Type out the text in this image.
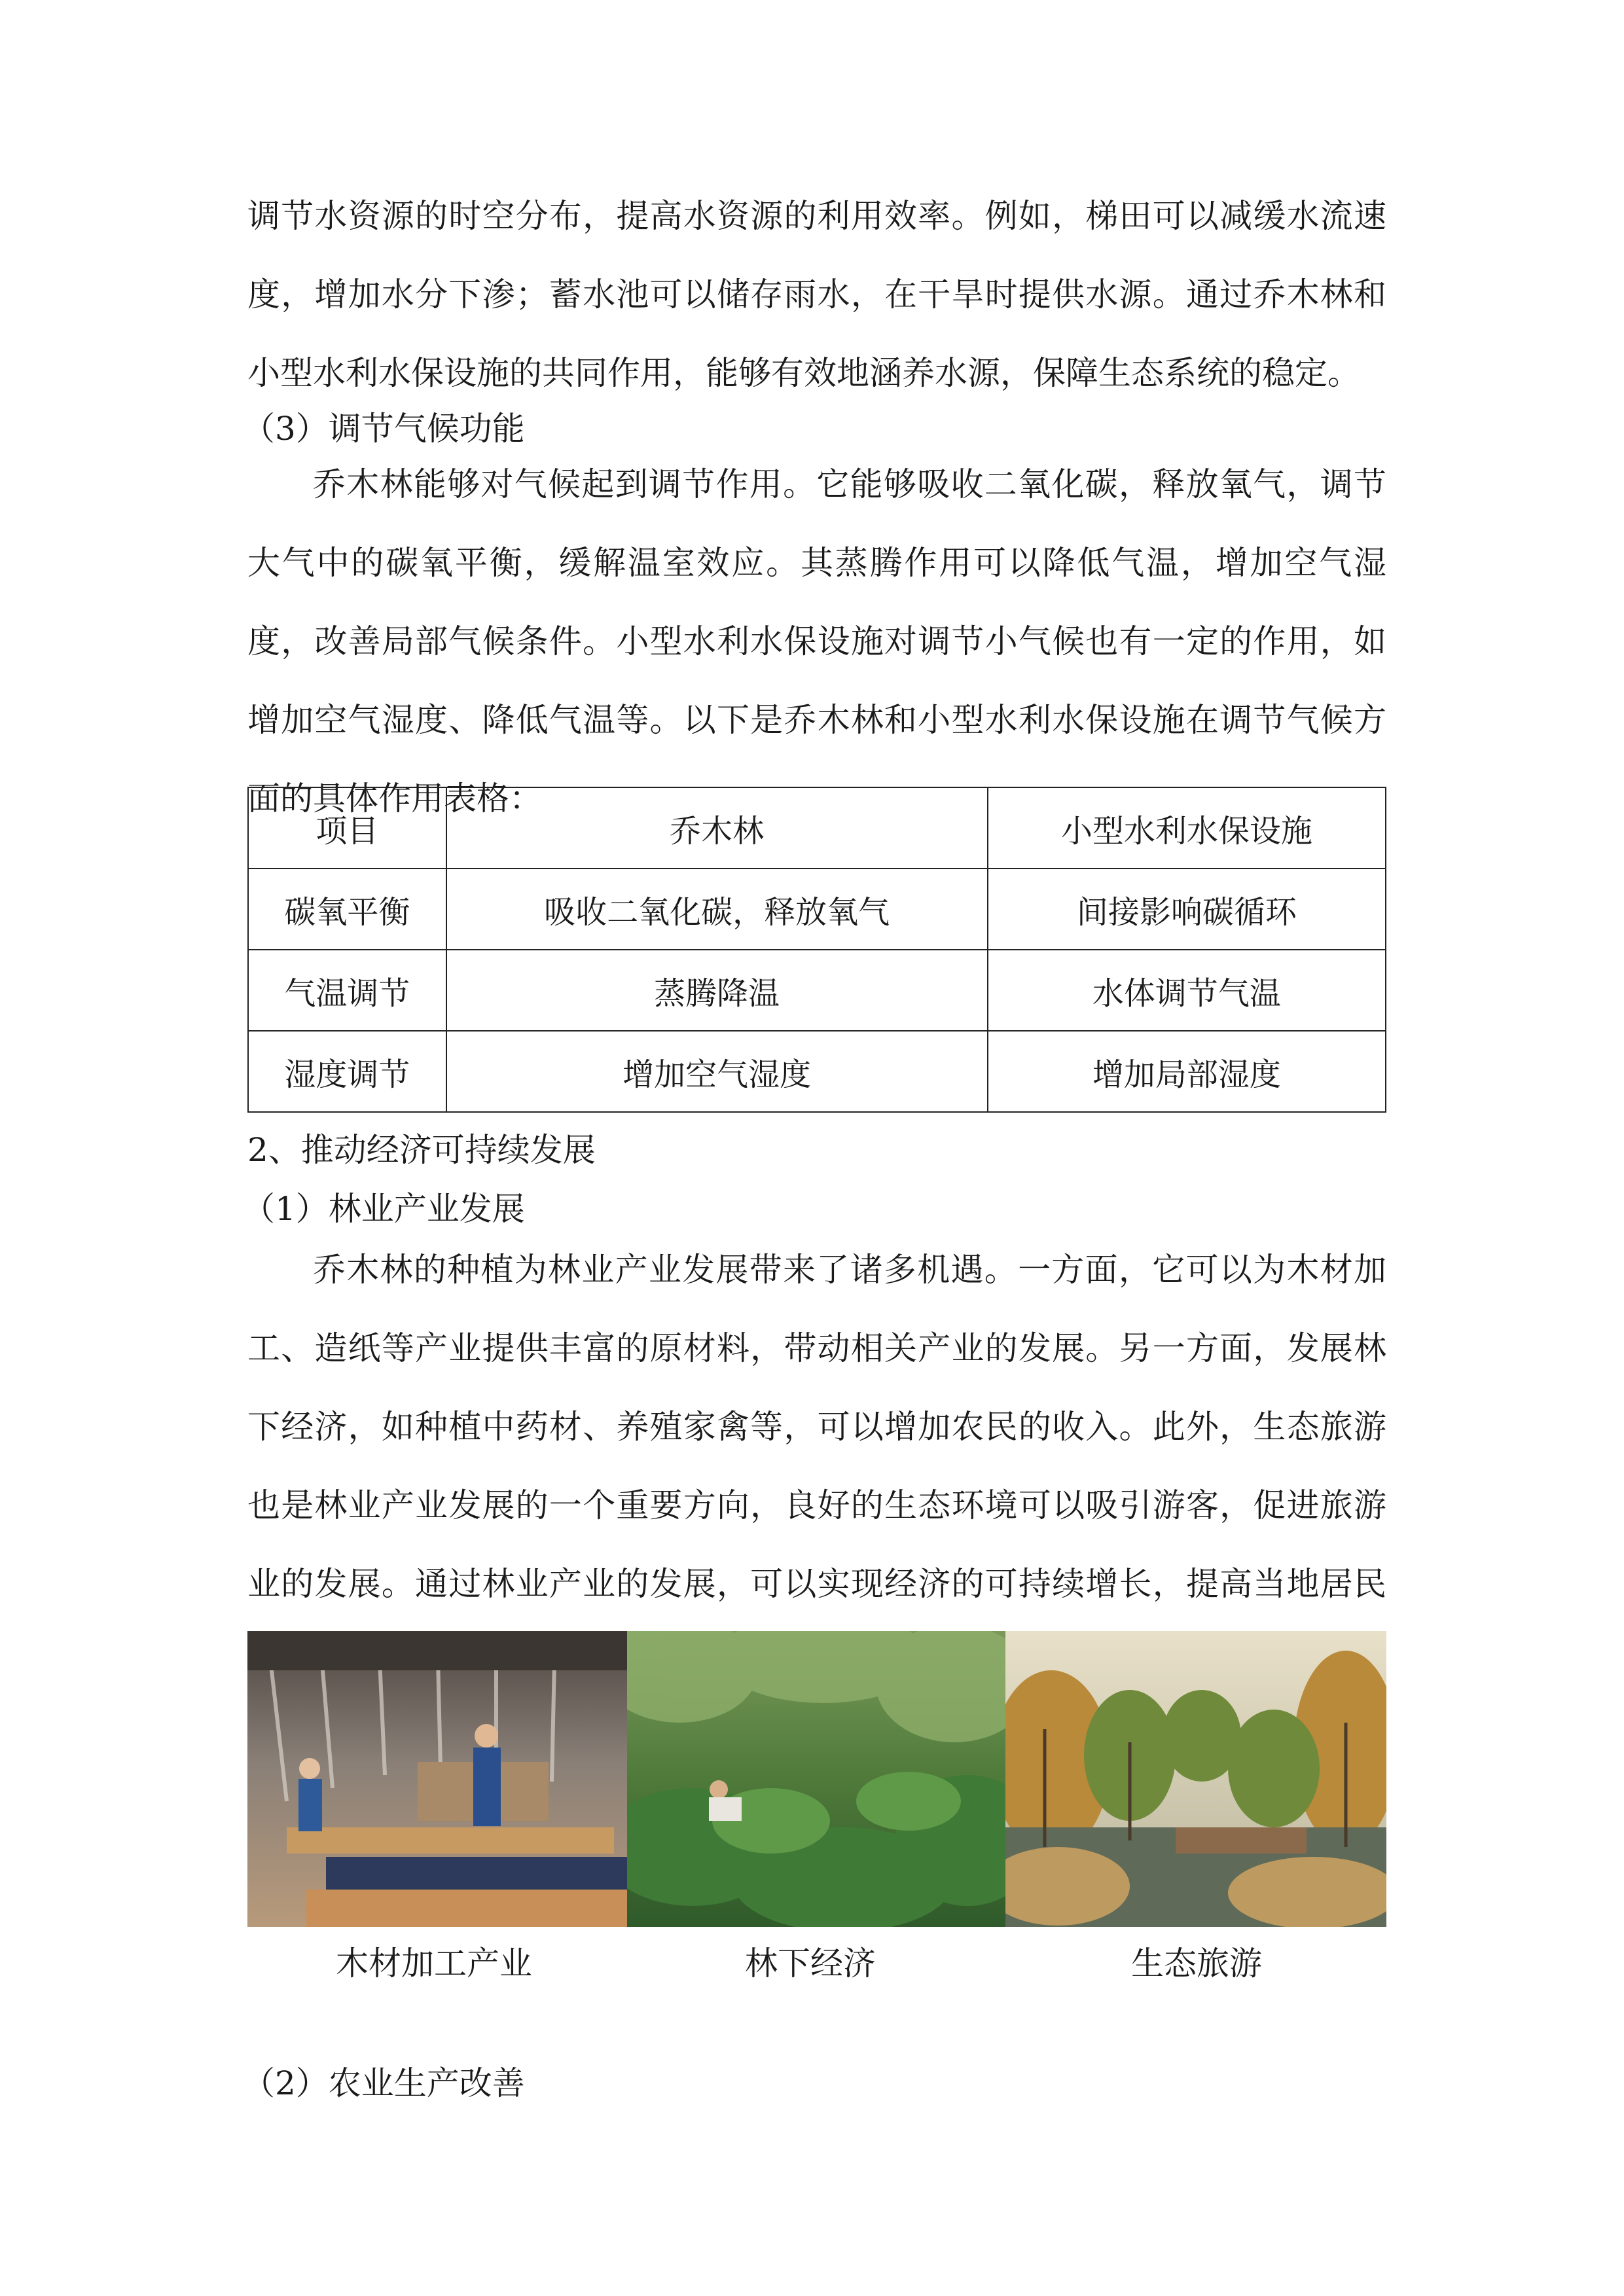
调节水资源的时空分布，提高水资源的利用效率。例如，梯田可以减缓水流速
度，增加水分下渗；蓄水池可以储存雨水，在干旱时提供水源。通过乔木林和
小型水利水保设施的共同作用，能够有效地涵养水源，保障生态系统的稳定。

（3）调节气候功能

乔木林能够对气候起到调节作用。它能够吸收二氧化碳，释放氧气，调节
大气中的碳氧平衡，缓解温室效应。其蒸腾作用可以降低气温，增加空气湿
度，改善局部气候条件。小型水利水保设施对调节小气候也有一定的作用，如
增加空气湿度、降低气温等。以下是乔木林和小型水利水保设施在调节气候方
面的具体作用表格：

项目	乔木林	小型水利水保设施
碳氧平衡	吸收二氧化碳，释放氧气	间接影响碳循环
气温调节	蒸腾降温	水体调节气温
湿度调节	增加空气湿度	增加局部湿度

2、推动经济可持续发展

（1）林业产业发展

乔木林的种植为林业产业发展带来了诸多机遇。一方面，它可以为木材加
工、造纸等产业提供丰富的原材料，带动相关产业的发展。另一方面，发展林
下经济，如种植中药材、养殖家禽等，可以增加农民的收入。此外，生态旅游
也是林业产业发展的一个重要方向，良好的生态环境可以吸引游客，促进旅游
业的发展。通过林业产业的发展，可以实现经济的可持续增长，提高当地居民

木材加工产业	林下经济	生态旅游

（2）农业生产改善
